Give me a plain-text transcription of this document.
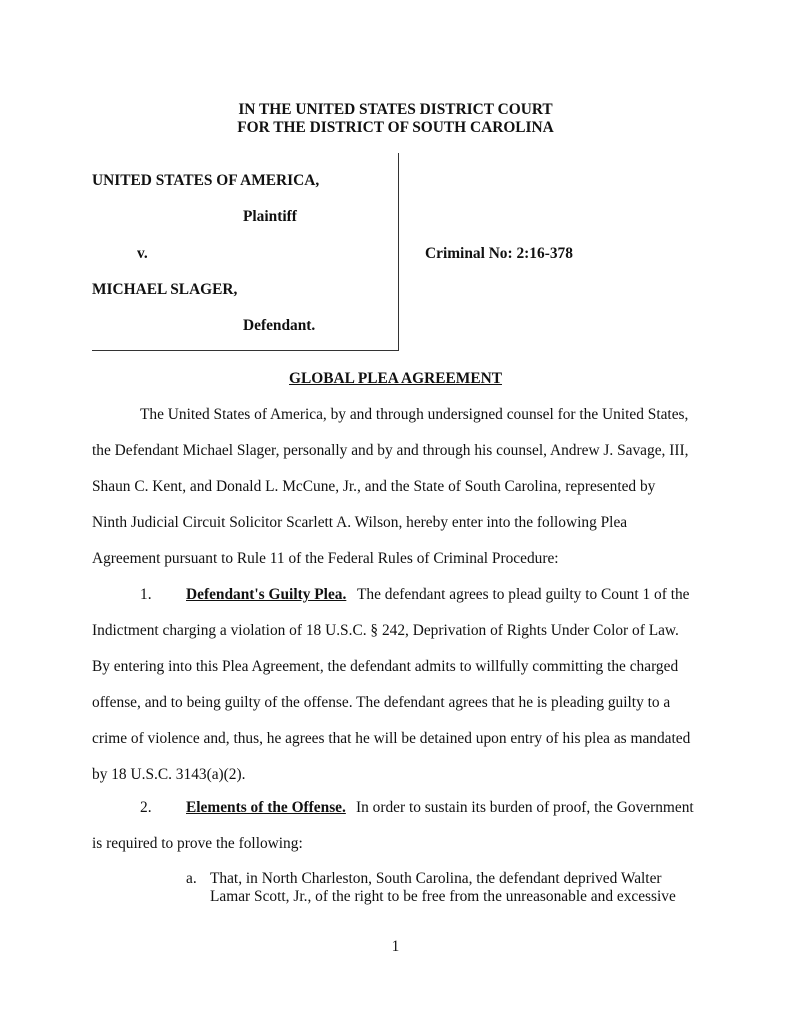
IN THE UNITED STATES DISTRICT COURT
FOR THE DISTRICT OF SOUTH CAROLINA
UNITED STATES OF AMERICA,
Plaintiff
v.	Criminal No: 2:16-378
MICHAEL SLAGER,
Defendant.
GLOBAL PLEA AGREEMENT
The United States of America, by and through undersigned counsel for the United States,
the Defendant Michael Slager, personally and by and through his counsel, Andrew J. Savage, III,
Shaun C. Kent, and Donald L. McCune, Jr., and the State of South Carolina, represented by
Ninth Judicial Circuit Solicitor Scarlett A. Wilson, hereby enter into the following Plea
Agreement pursuant to Rule 11 of the Federal Rules of Criminal Procedure:
1. Defendant's Guilty Plea. The defendant agrees to plead guilty to Count 1 of the
Indictment charging a violation of 18 U.S.C. § 242, Deprivation of Rights Under Color of Law.
By entering into this Plea Agreement, the defendant admits to willfully committing the charged
offense, and to being guilty of the offense. The defendant agrees that he is pleading guilty to a
crime of violence and, thus, he agrees that he will be detained upon entry of his plea as mandated
by 18 U.S.C. 3143(a)(2).
2. Elements of the Offense. In order to sustain its burden of proof, the Government
is required to prove the following:
a. That, in North Charleston, South Carolina, the defendant deprived Walter
Lamar Scott, Jr., of the right to be free from the unreasonable and excessive
1
